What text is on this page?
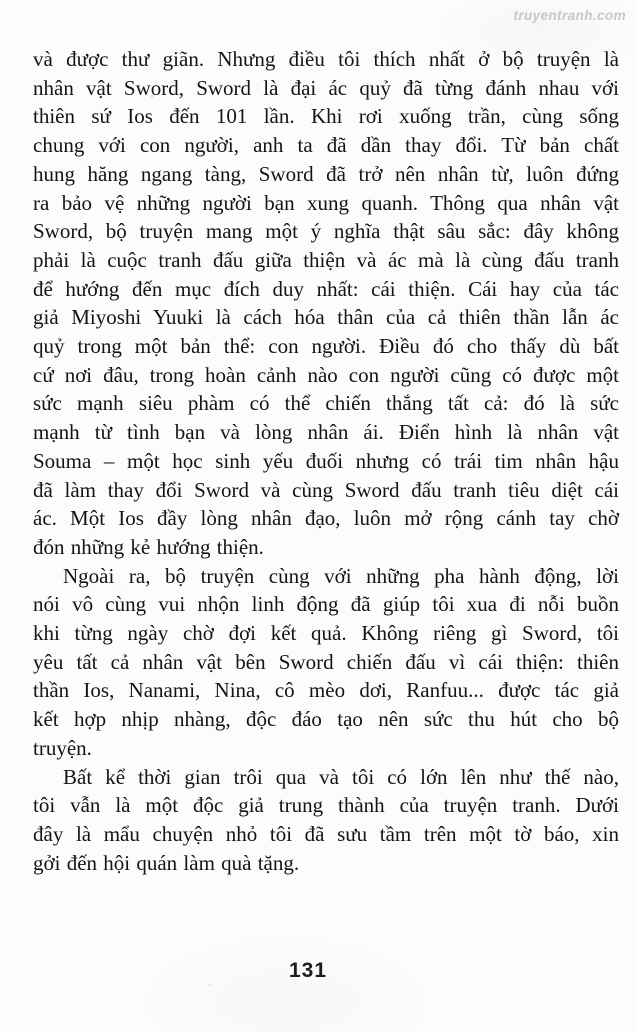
truyentranh.com
và được thư giãn. Nhưng điều tôi thích nhất ở bộ truyện là
nhân vật Sword, Sword là đại ác quỷ đã từng đánh nhau với
thiên sứ Ios đến 101 lần. Khi rơi xuống trần, cùng sống
chung với con người, anh ta đã dần thay đổi. Từ bản chất
hung hăng ngang tàng, Sword đã trở nên nhân từ, luôn đứng
ra bảo vệ những người bạn xung quanh. Thông qua nhân vật
Sword, bộ truyện mang một ý nghĩa thật sâu sắc: đây không
phải là cuộc tranh đấu giữa thiện và ác mà là cùng đấu tranh
để hướng đến mục đích duy nhất: cái thiện. Cái hay của tác
giả Miyoshi Yuuki là cách hóa thân của cả thiên thần lẫn ác
quỷ trong một bản thể: con người. Điều đó cho thấy dù bất
cứ nơi đâu, trong hoàn cảnh nào con người cũng có được một
sức mạnh siêu phàm có thể chiến thắng tất cả: đó là sức
mạnh từ tình bạn và lòng nhân ái. Điển hình là nhân vật
Souma – một học sinh yếu đuối nhưng có trái tim nhân hậu
đã làm thay đổi Sword và cùng Sword đấu tranh tiêu diệt cái
ác. Một Ios đầy lòng nhân đạo, luôn mở rộng cánh tay chờ
đón những kẻ hướng thiện.
Ngoài ra, bộ truyện cùng với những pha hành động, lời
nói vô cùng vui nhộn linh động đã giúp tôi xua đi nỗi buồn
khi từng ngày chờ đợi kết quả. Không riêng gì Sword, tôi
yêu tất cả nhân vật bên Sword chiến đấu vì cái thiện: thiên
thần Ios, Nanami, Nina, cô mèo dơi, Ranfuu... được tác giả
kết hợp nhịp nhàng, độc đáo tạo nên sức thu hút cho bộ
truyện.
Bất kể thời gian trôi qua và tôi có lớn lên như thế nào,
tôi vẫn là một độc giả trung thành của truyện tranh. Dưới
đây là mẩu chuyện nhỏ tôi đã sưu tầm trên một tờ báo, xin
gởi đến hội quán làm quà tặng.
131
